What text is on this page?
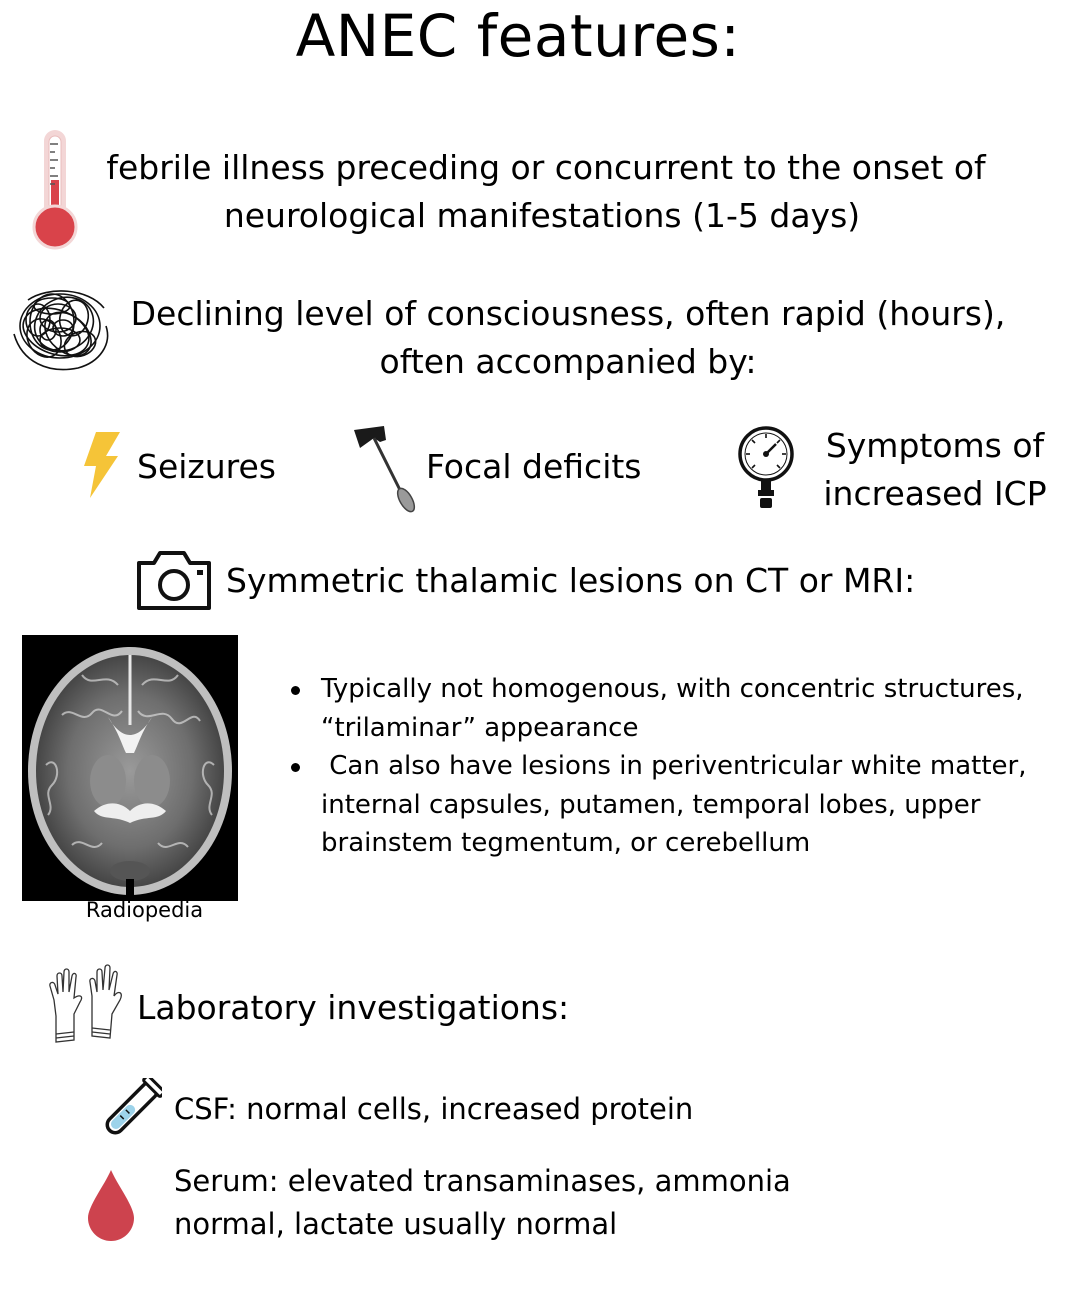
ANEC features:
febrile illness preceding or concurrent to the onset of
neurological manifestations (1-5 days)
Declining level of consciousness, often rapid (hours),
often accompanied by:
Seizures	Focal deficits
Symptoms of
increased ICP
Symmetric thalamic lesions on CT or MRI:
Radiopedia
Typically not homogenous, with concentric structures,
“trilaminar” appearance
Can also have lesions in periventricular white matter,
internal capsules, putamen, temporal lobes, upper
brainstem tegmentum, or cerebellum
Laboratory investigations:
CSF: normal cells, increased protein
Serum: elevated transaminases, ammonia
normal, lactate usually normal
